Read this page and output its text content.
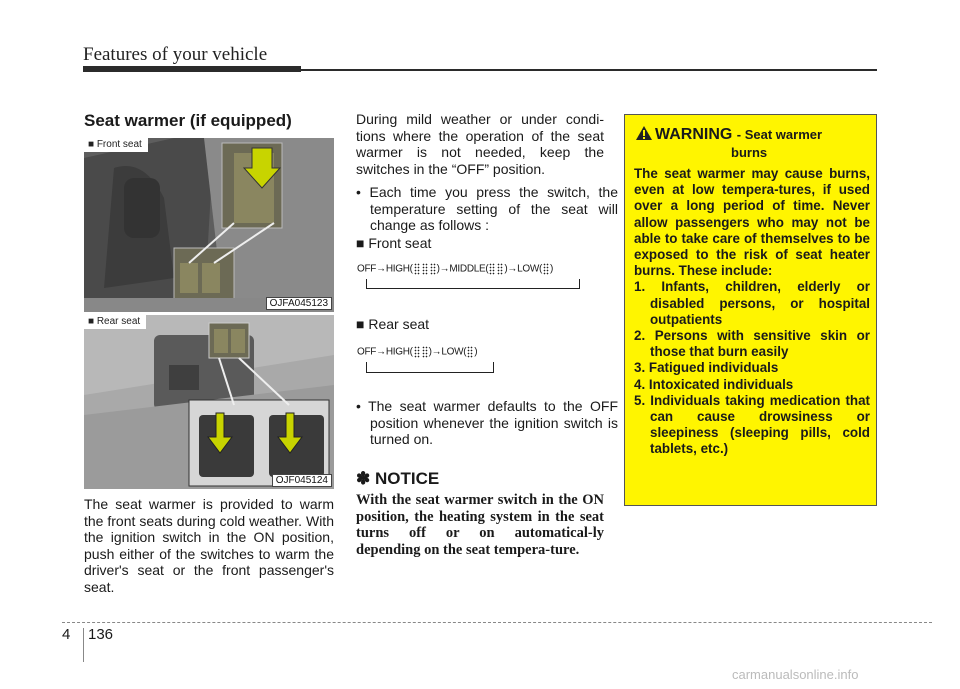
Features of your vehicle
Seat warmer (if equipped)
■ Front seat
OJFA045123
■ Rear seat
OJF045124
The seat warmer is provided to warm the front seats during cold weather. With the ignition switch in the ON position, push either of the switches to warm the driver's seat or the front passenger's seat.
During mild weather or under condi-tions where the operation of the seat warmer is not needed, keep the switches in the “OFF” position.
• Each time you press the switch, the temperature setting of the seat will change as follows :
■ Front seat
OFF→HIGH( )→MIDDLE( )→LOW( )
■ Rear seat
OFF→HIGH( )→LOW( )
• The seat warmer defaults to the OFF position whenever the ignition switch is turned on.
✽ NOTICE
With the seat warmer switch in the ON position, the heating system in the seat turns off or on automatical-ly depending on the seat tempera-ture.
WARNING - Seat warmer
burns
The seat warmer may cause burns, even at low tempera-tures, if used over a long period of time. Never allow passengers who may not be able to take care of themselves to be exposed to the risk of seat heater burns. These include:
1. Infants, children, elderly or disabled persons, or hospital outpatients
2. Persons with sensitive skin or those that burn easily
3. Fatigued individuals
4. Intoxicated individuals
5. Individuals taking medication that can cause drowsiness or sleepiness (sleeping pills, cold tablets, etc.)
4 136
carmanualsonline.info
